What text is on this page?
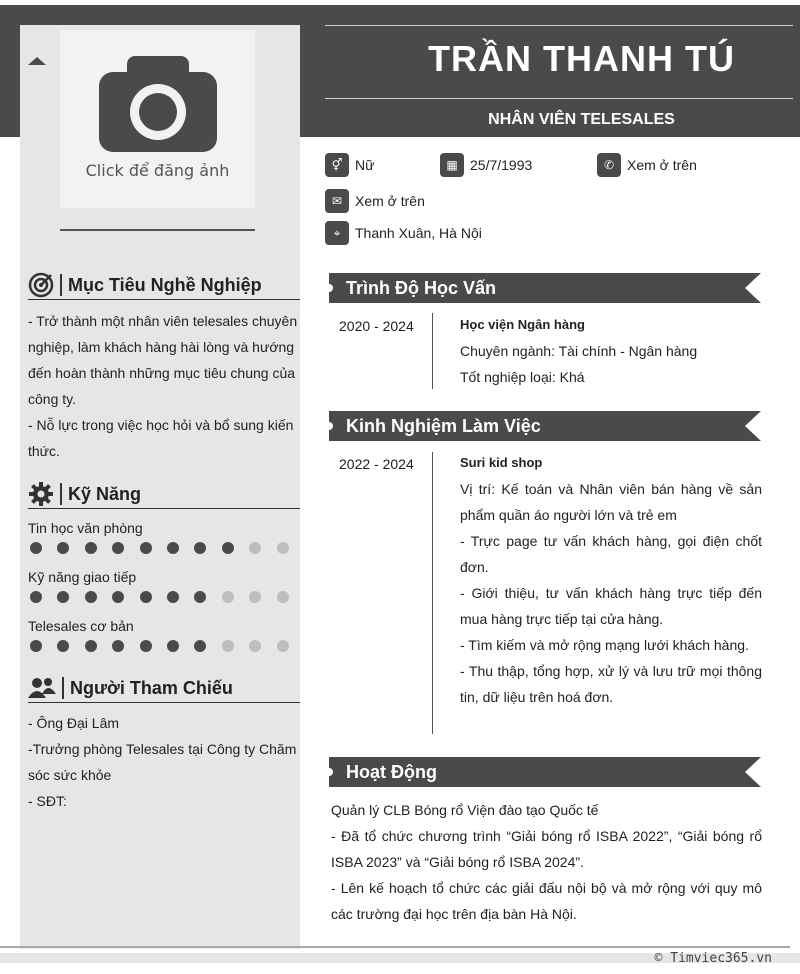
Click để đăng ảnh
TRẦN THANH TÚ
NHÂN VIÊN TELESALES
⚥ Nữ	▦ 25/7/1993	✆ Xem ở trên
✉ Xem ở trên
⌖	Thanh Xuân, Hà Nội
Mục Tiêu Nghề Nghiệp
- Trở thành một nhân viên telesales chuyên nghiệp, làm khách hàng hài lòng và hướng đến hoàn thành những mục tiêu chung của công ty.
- Nỗ lực trong việc học hỏi và bổ sung kiến thức.
Kỹ Năng
Tin học văn phòng
Kỹ năng giao tiếp
Telesales cơ bản
Người Tham Chiếu
- Ông Đại Lâm
-Trưởng phòng Telesales tại Công ty Chăm sóc sức khỏe
- SĐT:
Trình Độ Học Vấn
2020 - 2024	Học viện Ngân hàng

Chuyên ngành: Tài chính - Ngân hàng

Tốt nghiệp loại: Khá

Kinh Nghiệm Làm Việc
2022 - 2024	Suri kid shop

Vị trí: Kế toán và Nhân viên bán hàng về sản phẩm quần áo người lớn và trẻ em

- Trực page tư vấn khách hàng, gọi điện chốt đơn.

- Giới thiệu, tư vấn khách hàng trực tiếp đến mua hàng trực tiếp tại cửa hàng.

- Tìm kiếm và mở rộng mạng lưới khách hàng.

- Thu thập, tổng hợp, xử lý và lưu trữ mọi thông tin, dữ liệu trên hoá đơn.

Hoạt Động

Quản lý CLB Bóng rổ Viện đào tạo Quốc tế

- Đã tổ chức chương trình “Giải bóng rổ ISBA 2022”, “Giải bóng rổ ISBA 2023” và “Giải bóng rổ ISBA 2024”.

- Lên kế hoạch tổ chức các giải đấu nội bộ và mở rộng với quy mô các trường đại học trên địa bàn Hà Nội.

© Timviec365.vn
